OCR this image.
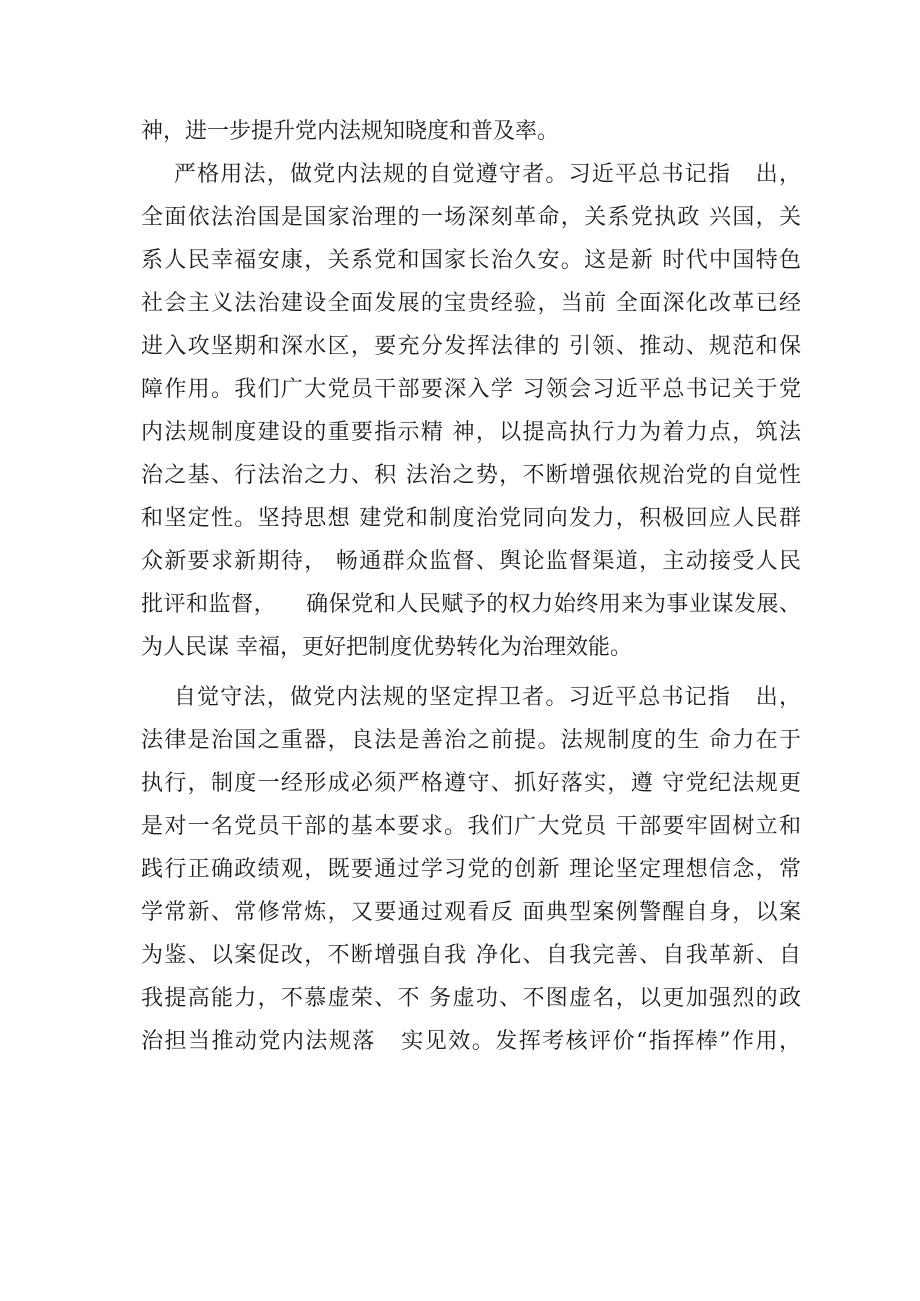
神，进一步提升党内法规知晓度和普及率。
严格用法，做党内法规的自觉遵守者。习近平总书记指   出，
全面依法治国是国家治理的一场深刻革命，关系党执政 兴国，关
系人民幸福安康，关系党和国家长治久安。这是新 时代中国特色
社会主义法治建设全面发展的宝贵经验，当前 全面深化改革已经
进入攻坚期和深水区，要充分发挥法律的 引领、推动、规范和保
障作用。我们广大党员干部要深入学 习领会习近平总书记关于党
内法规制度建设的重要指示精 神，以提高执行力为着力点，筑法
治之基、行法治之力、积 法治之势，不断增强依规治党的自觉性
和坚定性。坚持思想 建党和制度治党同向发力，积极回应人民群
众新要求新期待， 畅通群众监督、舆论监督渠道，主动接受人民
批评和监督，    确保党和人民赋予的权力始终用来为事业谋发展、
为人民谋 幸福，更好把制度优势转化为治理效能。
自觉守法，做党内法规的坚定捍卫者。习近平总书记指   出，
法律是治国之重器，良法是善治之前提。法规制度的生 命力在于
执行，制度一经形成必须严格遵守、抓好落实，遵 守党纪法规更
是对一名党员干部的基本要求。我们广大党员 干部要牢固树立和
践行正确政绩观，既要通过学习党的创新 理论坚定理想信念，常
学常新、常修常炼，又要通过观看反 面典型案例警醒自身，以案
为鉴、以案促改，不断增强自我 净化、自我完善、自我革新、自
我提高能力，不慕虚荣、不 务虚功、不图虚名，以更加强烈的政
治担当推动党内法规落   实见效。发挥考核评价“指挥棒”作用，
